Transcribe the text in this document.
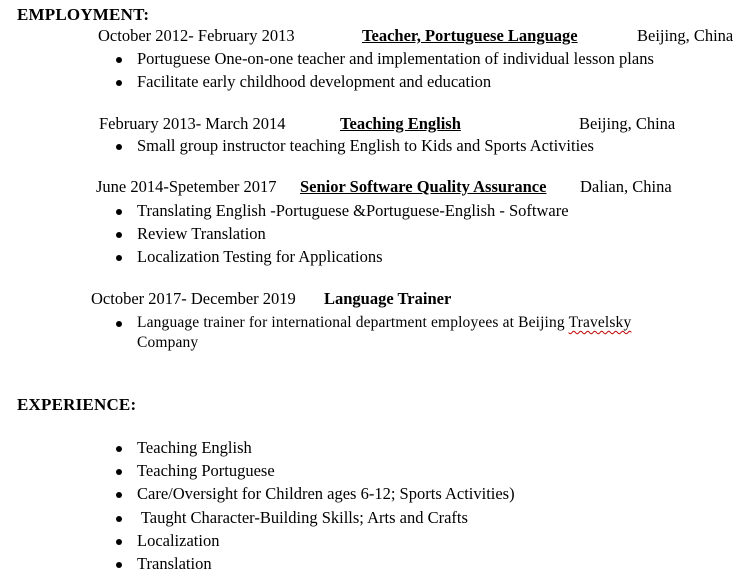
EMPLOYMENT:
October 2012- February 2013	Teacher, Portuguese Language	Beijing, China
Portuguese One-on-one teacher and implementation of individual lesson plans
Facilitate early childhood development and education
February 2013- March 2014	Teaching English	Beijing, China
Small group instructor teaching English to Kids and Sports Activities
June 2014-Spetember 2017 Senior Software Quality Assurance Dalian, China
Translating English -Portuguese &Portuguese-English - Software
Review Translation
Localization Testing for Applications
October 2017- December 2019 Language Trainer
Language trainer for international department employees at Beijing Travelsky
Company
EXPERIENCE:
Teaching English
Teaching Portuguese
Care/Oversight for Children ages 6-12; Sports Activities)
Taught Character-Building Skills; Arts and Crafts
Localization
Translation
